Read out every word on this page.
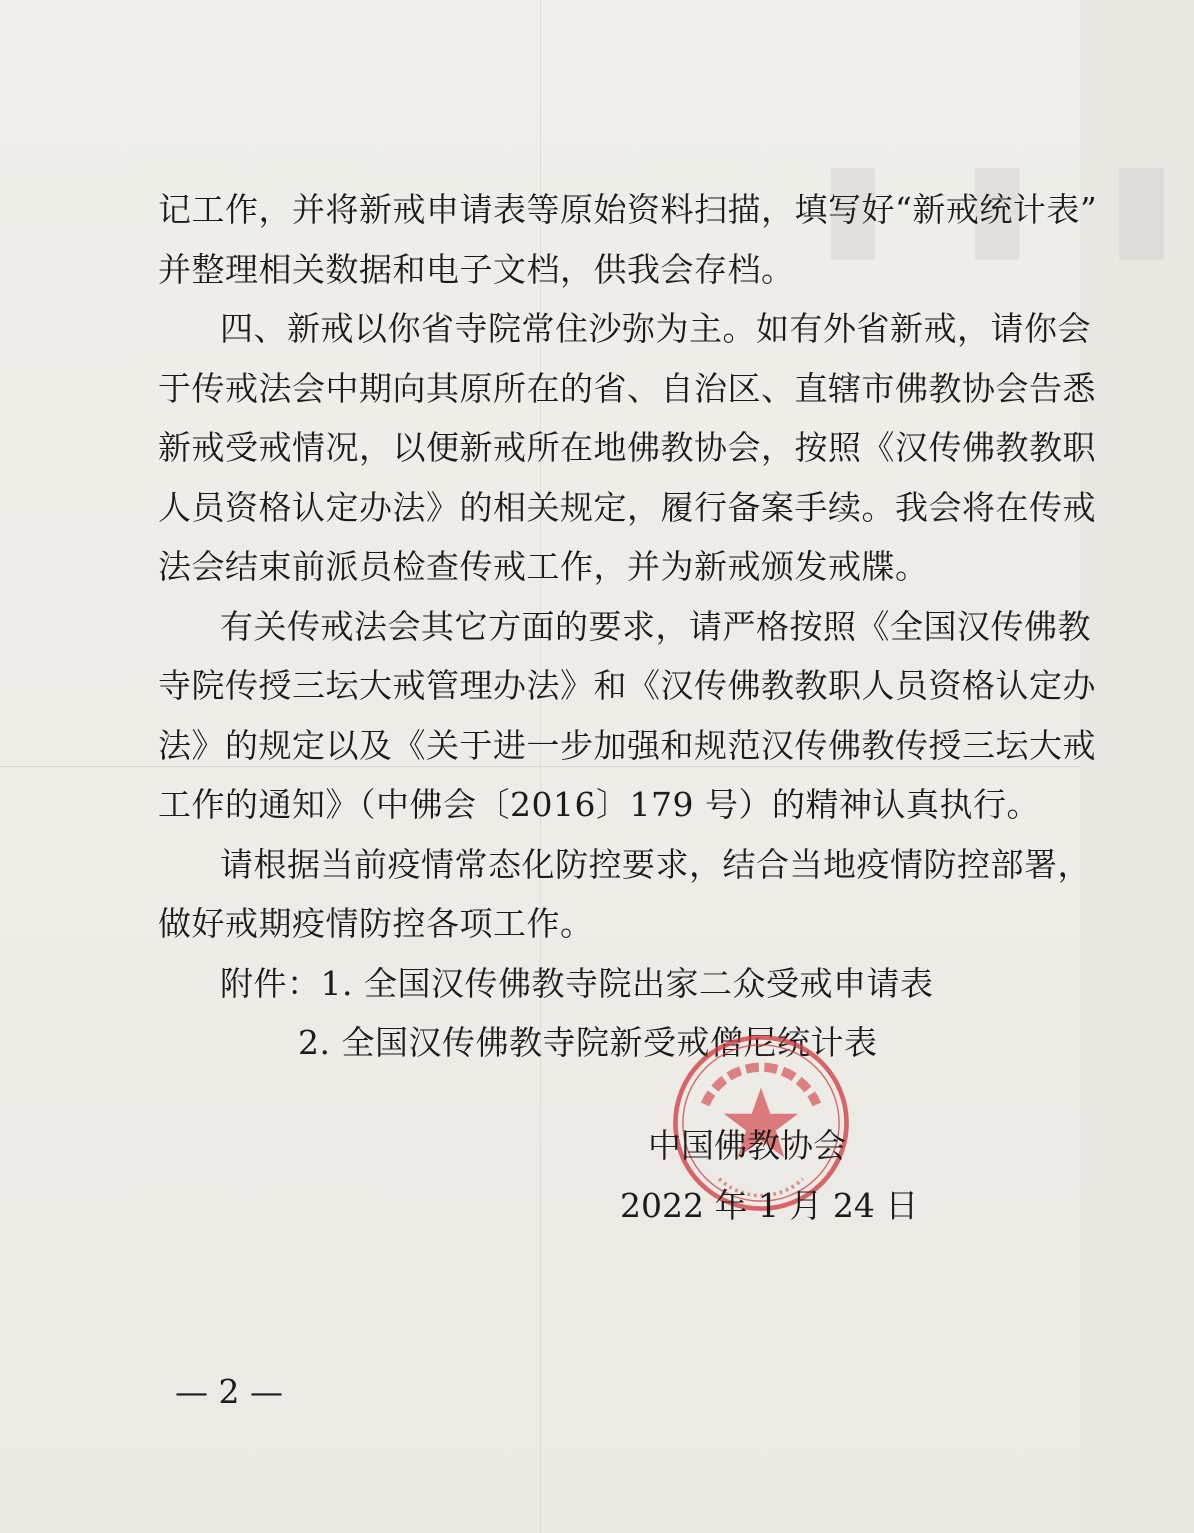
▮ ▮ ▮
记工作，并将新戒申请表等原始资料扫描，填写好“新戒统计表”
并整理相关数据和电子文档，供我会存档。
四、新戒以你省寺院常住沙弥为主。如有外省新戒，请你会
于传戒法会中期向其原所在的省、自治区、直辖市佛教协会告悉
新戒受戒情况，以便新戒所在地佛教协会，按照《汉传佛教教职
人员资格认定办法》的相关规定，履行备案手续。我会将在传戒
法会结束前派员检查传戒工作，并为新戒颁发戒牒。
有关传戒法会其它方面的要求，请严格按照《全国汉传佛教
寺院传授三坛大戒管理办法》和《汉传佛教教职人员资格认定办
法》的规定以及《关于进一步加强和规范汉传佛教传授三坛大戒
工作的通知》（中佛会〔2016〕179 号）的精神认真执行。
请根据当前疫情常态化防控要求，结合当地疫情防控部署，
做好戒期疫情防控各项工作。
附件：1. 全国汉传佛教寺院出家二众受戒申请表
2. 全国汉传佛教寺院新受戒僧尼统计表
中国佛教协会
2022 年 1 月 24 日
— 2 —
